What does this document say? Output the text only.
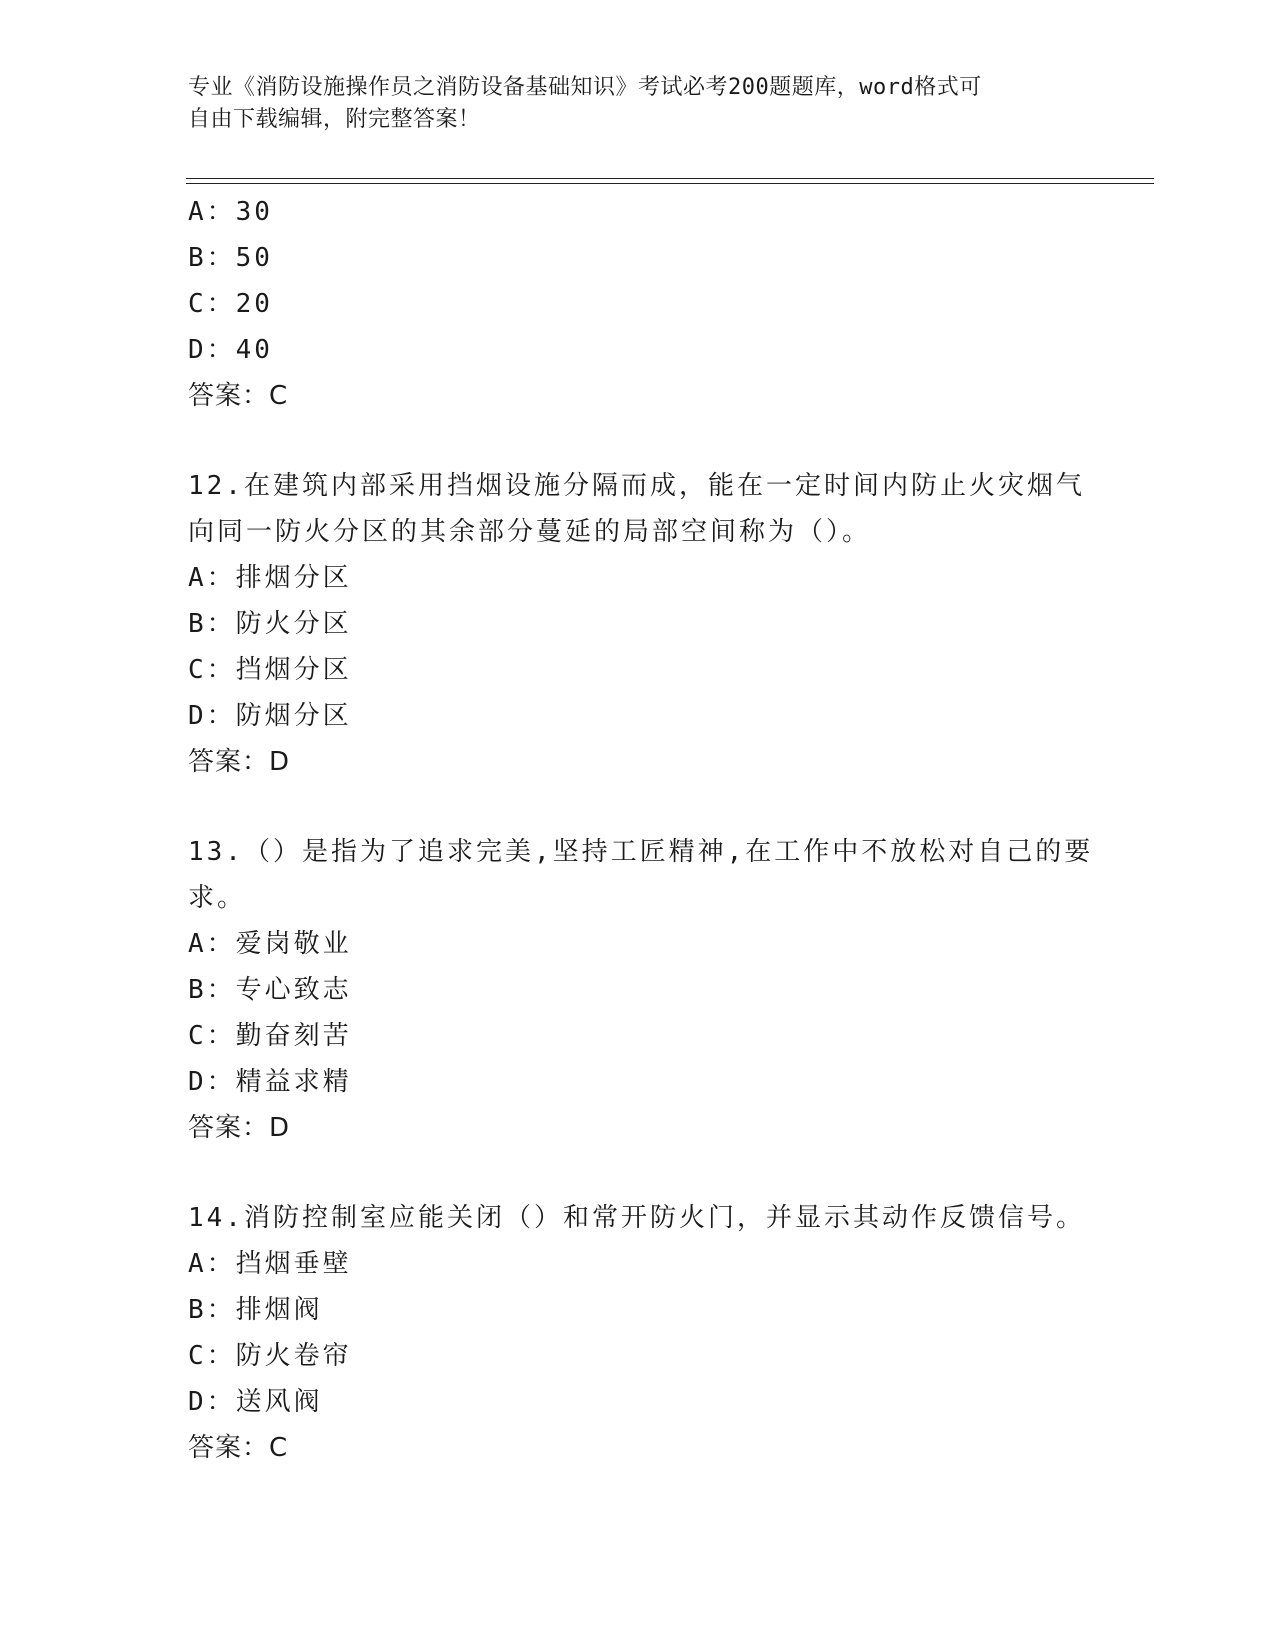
专业《消防设施操作员之消防设备基础知识》考试必考200题题库，word格式可
自由下载编辑，附完整答案！
A：30
B：50
C：20
D：40
答案：C
12.在建筑内部采用挡烟设施分隔而成，能在一定时间内防止火灾烟气
向同一防火分区的其余部分蔓延的局部空间称为（）。
A：排烟分区
B：防火分区
C：挡烟分区
D：防烟分区
答案：D
13.（）是指为了追求完美,坚持工匠精神,在工作中不放松对自己的要
求。
A：爱岗敬业
B：专心致志
C：勤奋刻苦
D：精益求精
答案：D
14.消防控制室应能关闭（）和常开防火门，并显示其动作反馈信号。
A：挡烟垂壁
B：排烟阀
C：防火卷帘
D：送风阀
答案：C
